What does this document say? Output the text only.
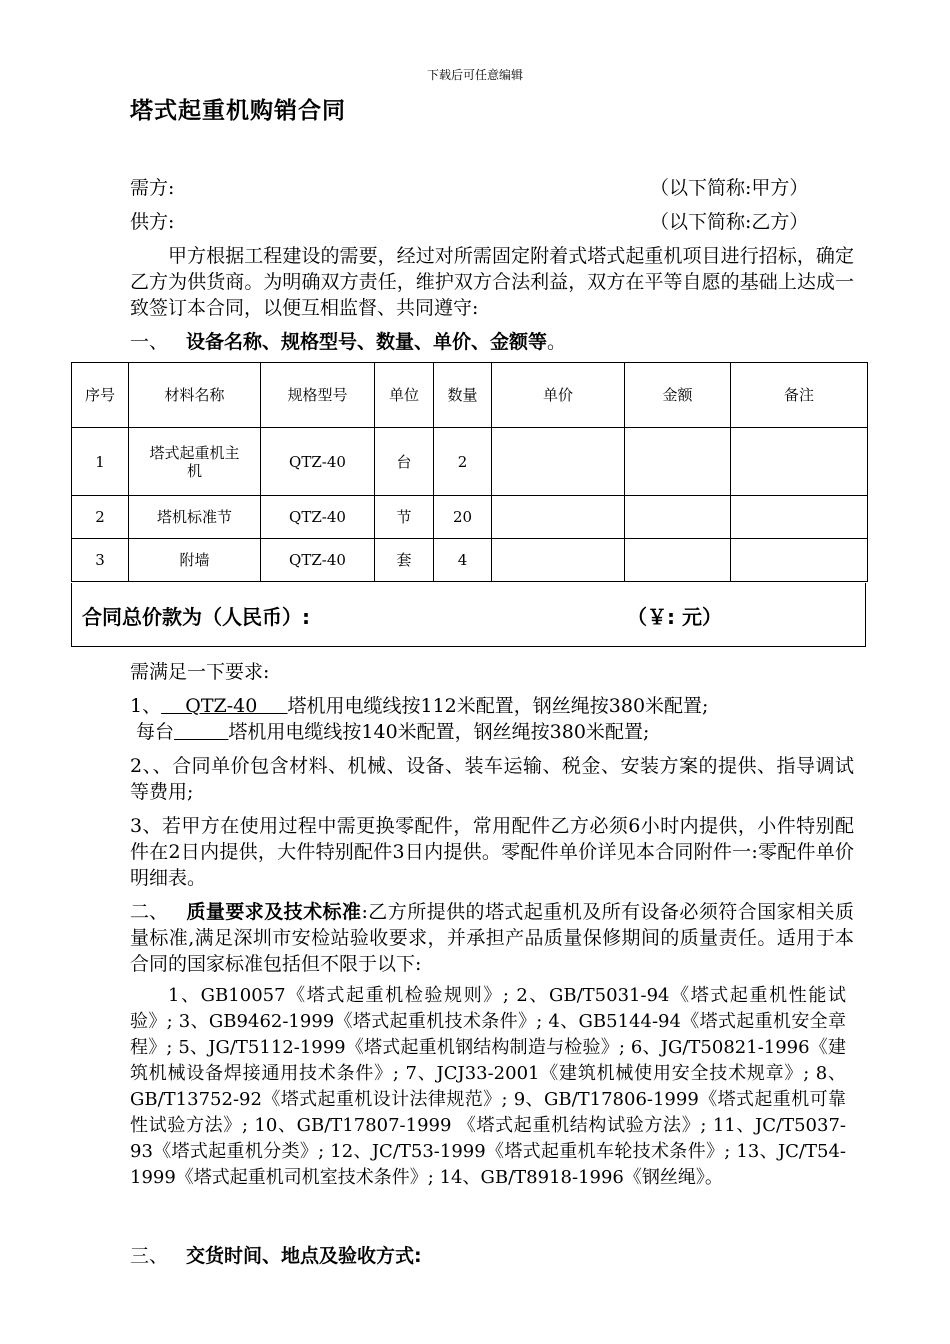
下载后可任意编辑
塔式起重机购销合同
需方:	（以下简称:甲方）
供方:	（以下简称:乙方）
甲方根据工程建设的需要，经过对所需固定附着式塔式起重机项目进行招标，确定乙方为供货商。为明确双方责任，维护双方合法利益，双方在平等自愿的基础上达成一致签订本合同，以便互相监督、共同遵守:
一、 设备名称、规格型号、数量、单价、金额等。
序号	材料名称	规格型号	单位	数量	单价	金额	备注
1	塔式起重机主机	QTZ-40	台	2			
2	塔机标准节	QTZ-40	节	20			
3	附墙	QTZ-40	套	4			
合同总价款为（人民币）:	（￥: 元）
需满足一下要求:
1、    QTZ-40     塔机用电缆线按112米配置，钢丝绳按380米配置;
每台	塔机用电缆线按140米配置，钢丝绳按380米配置;
2、、合同单价包含材料、机械、设备、装车运输、税金、安装方案的提供、指导调试等费用;
3、若甲方在使用过程中需更换零配件，常用配件乙方必须6小时内提供，小件特别配件在2日内提供，大件特别配件3日内提供。零配件单价详见本合同附件一:零配件单价明细表。
二、 质量要求及技术标准:乙方所提供的塔式起重机及所有设备必须符合国家相关质量标准,满足深圳市安检站验收要求，并承担产品质量保修期间的质量责任。适用于本合同的国家标准包括但不限于以下:
1、GB10057《塔式起重机检验规则》; 2、GB/T5031-94《塔式起重机性能试验》; 3、GB9462-1999《塔式起重机技术条件》; 4、GB5144-94《塔式起重机安全章程》; 5、JG/T5112-1999《塔式起重机钢结构制造与检验》; 6、JG/T50821-1996《建筑机械设备焊接通用技术条件》; 7、JCJ33-2001《建筑机械使用安全技术规章》; 8、GB/T13752-92《塔式起重机设计法律规范》; 9、GB/T17806-1999《塔式起重机可靠性试验方法》; 10、GB/T17807-1999 《塔式起重机结构试验方法》; 11、JC/T5037-93《塔式起重机分类》; 12、JC/T53-1999《塔式起重机车轮技术条件》; 13、JC/T54-1999《塔式起重机司机室技术条件》; 14、GB/T8918-1996《钢丝绳》。
三、 交货时间、地点及验收方式:
